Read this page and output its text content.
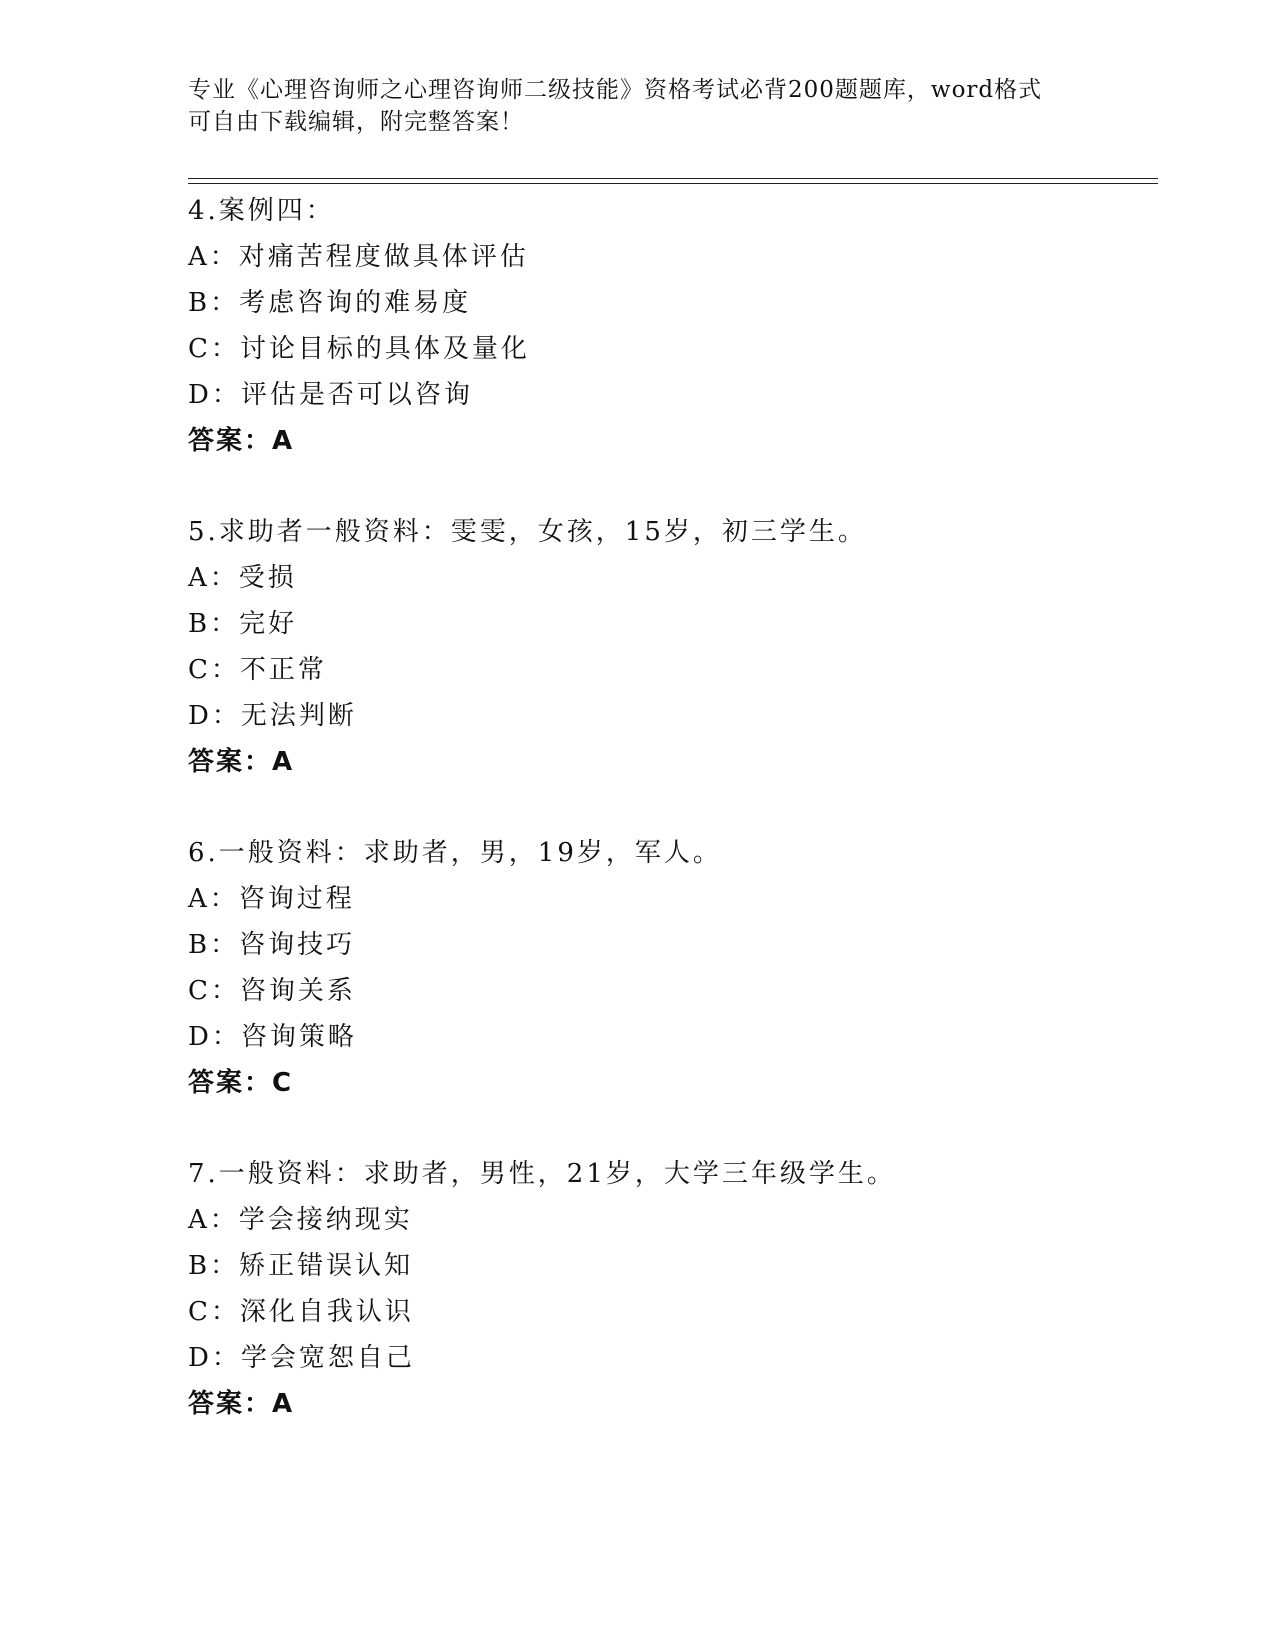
专业《心理咨询师之心理咨询师二级技能》资格考试必背200题题库，word格式
可自由下载编辑，附完整答案！
4.案例四：
A：对痛苦程度做具体评估
B：考虑咨询的难易度
C：讨论目标的具体及量化
D：评估是否可以咨询
答案：A
5.求助者一般资料：雯雯，女孩，15岁，初三学生。
A：受损
B：完好
C：不正常
D：无法判断
答案：A
6.一般资料：求助者，男，19岁，军人。
A：咨询过程
B：咨询技巧
C：咨询关系
D：咨询策略
答案：C
7.一般资料：求助者，男性，21岁，大学三年级学生。
A：学会接纳现实
B：矫正错误认知
C：深化自我认识
D：学会宽恕自己
答案：A
